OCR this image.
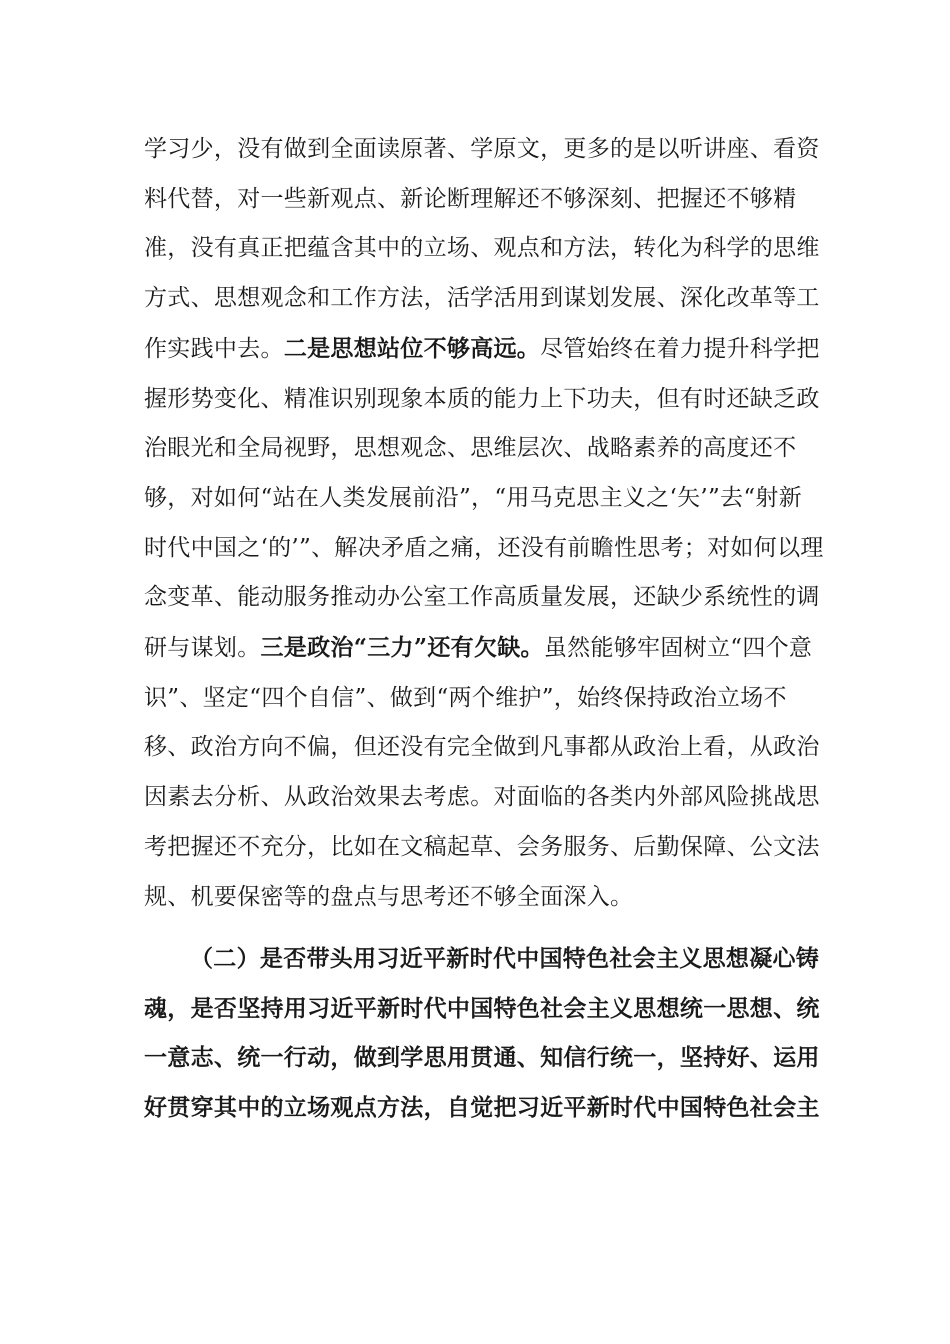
学习少，没有做到全面读原著、学原文，更多的是以听讲座、看资料代替，对一些新观点、新论断理解还不够深刻、把握还不够精准，没有真正把蕴含其中的立场、观点和方法，转化为科学的思维方式、思想观念和工作方法，活学活用到谋划发展、深化改革等工作实践中去。二是思想站位不够高远。尽管始终在着力提升科学把握形势变化、精准识别现象本质的能力上下功夫，但有时还缺乏政治眼光和全局视野，思想观念、思维层次、战略素养的高度还不够，对如何“站在人类发展前沿”，“用马克思主义之‘矢’”去“射新时代中国之‘的’”、解决矛盾之痛，还没有前瞻性思考；对如何以理念变革、能动服务推动办公室工作高质量发展，还缺少系统性的调研与谋划。三是政治“三力”还有欠缺。虽然能够牢固树立“四个意识”、坚定“四个自信”、做到“两个维护”，始终保持政治立场不移、政治方向不偏，但还没有完全做到凡事都从政治上看，从政治因素去分析、从政治效果去考虑。对面临的各类内外部风险挑战思考把握还不充分，比如在文稿起草、会务服务、后勤保障、公文法规、机要保密等的盘点与思考还不够全面深入。
（二）是否带头用习近平新时代中国特色社会主义思想凝心铸魂，是否坚持用习近平新时代中国特色社会主义思想统一思想、统一意志、统一行动，做到学思用贯通、知信行统一，坚持好、运用好贯穿其中的立场观点方法，自觉把习近平新时代中国特色社会主
